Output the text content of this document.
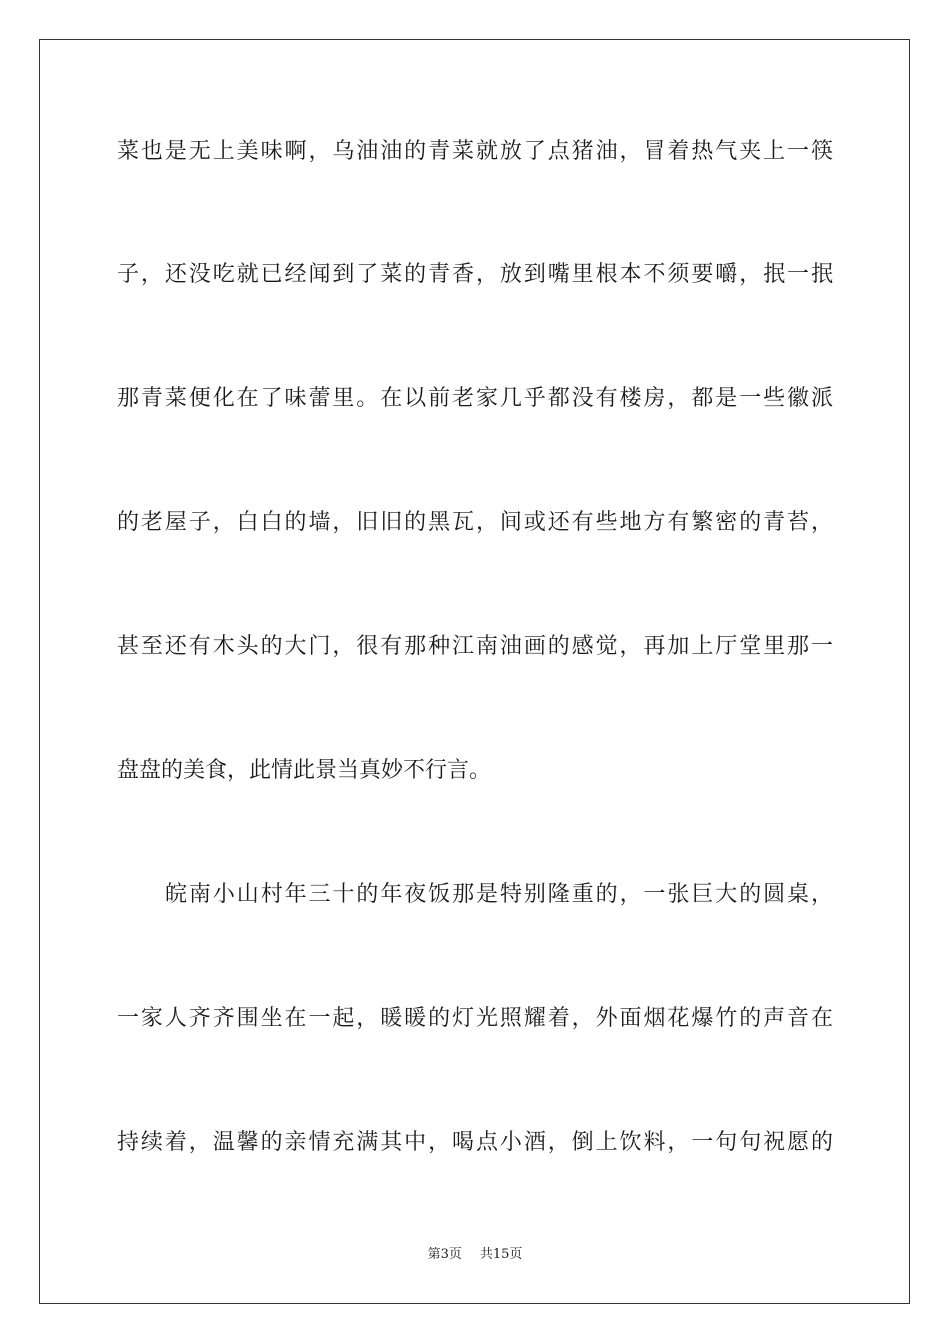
菜也是无上美味啊，乌油油的青菜就放了点猪油，冒着热气夹上一筷
子，还没吃就已经闻到了菜的青香，放到嘴里根本不须要嚼，抿一抿
那青菜便化在了味蕾里。在以前老家几乎都没有楼房，都是一些徽派
的老屋子，白白的墙，旧旧的黑瓦，间或还有些地方有繁密的青苔，
甚至还有木头的大门，很有那种江南油画的感觉，再加上厅堂里那一
盘盘的美食，此情此景当真妙不行言。
皖南小山村年三十的年夜饭那是特别隆重的，一张巨大的圆桌，
一家人齐齐围坐在一起，暖暖的灯光照耀着，外面烟花爆竹的声音在
持续着，温馨的亲情充满其中，喝点小酒，倒上饮料，一句句祝愿的
第3页 共15页
